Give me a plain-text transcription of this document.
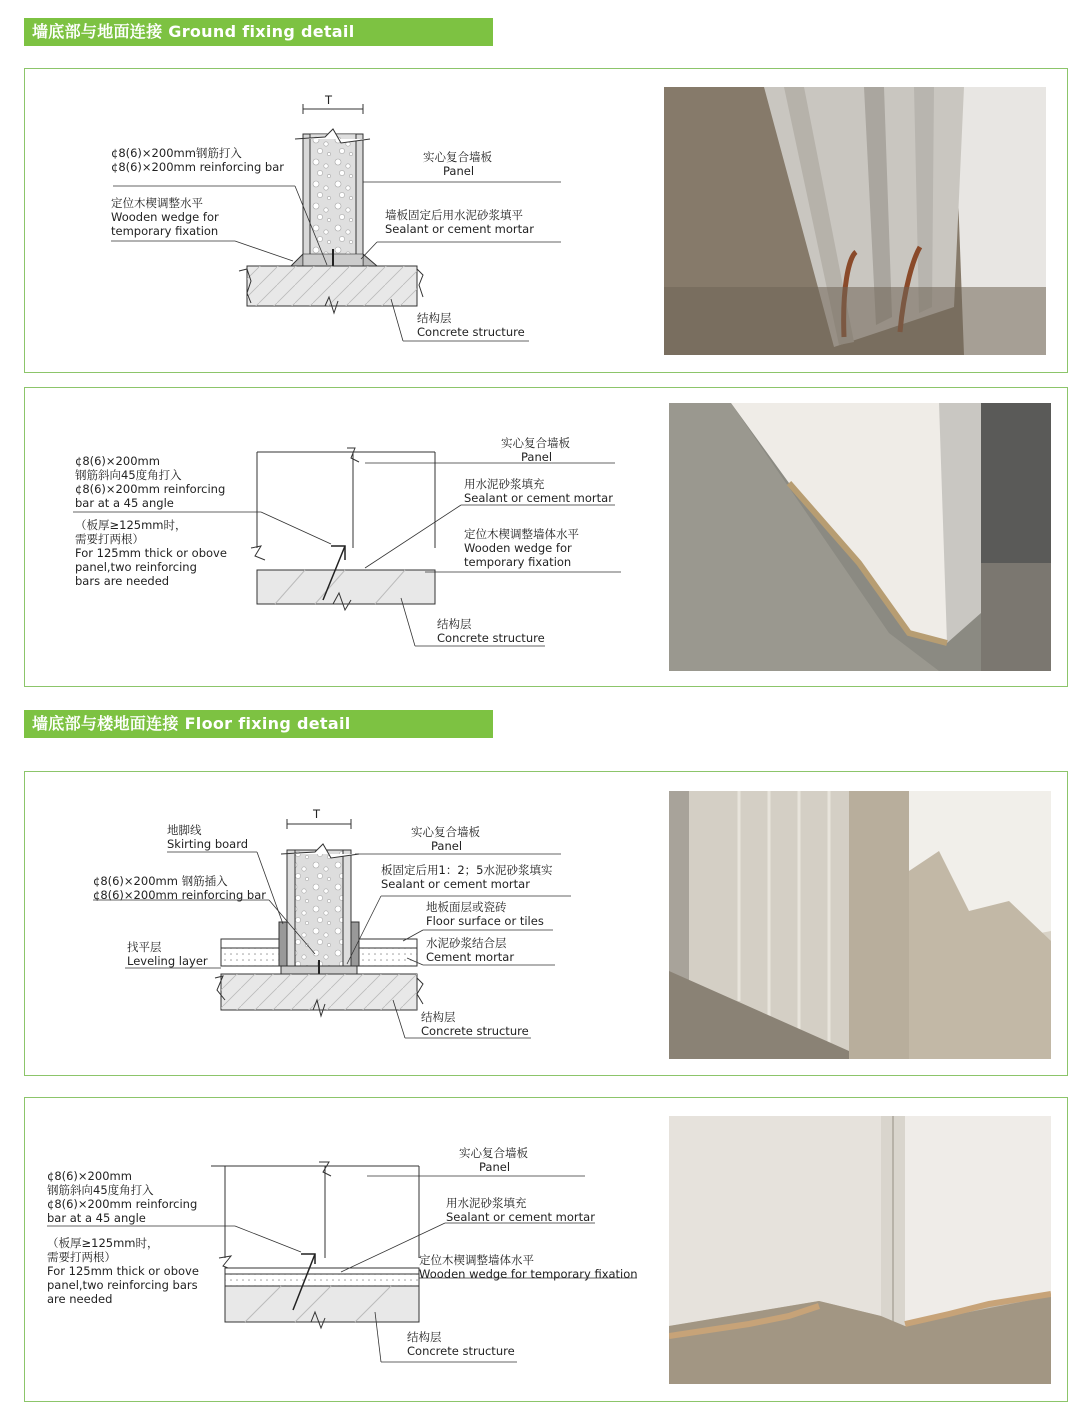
墙底部与地面连接 Ground fixing detail
T
¢8(6)×200mm钢筋打入
¢8(6)×200mm reinforcing bar
定位木楔调整水平
Wooden wedge for
temporary fixation
实心复合墙板
Panel
墙板固定后用水泥砂浆填平
Sealant or cement mortar
结构层
Concrete structure
¢8(6)×200mm
钢筋斜向45度角打入
¢8(6)×200mm reinforcing
bar at a 45 angle
（板厚≥125mm时，
需要打两根）
For 125mm thick or obove
panel,two reinforcing
bars are needed
实心复合墙板
Panel
用水泥砂浆填充
Sealant or cement mortar
定位木楔调整墙体水平
Wooden wedge for
temporary fixation
结构层
Concrete structure
墙底部与楼地面连接 Floor fixing detail
T
地脚线
Skirting board
实心复合墙板
Panel
¢8(6)×200mm 钢筋插入
¢8(6)×200mm reinforcing bar
板固定后用1：2；5水泥砂浆填实
Sealant or cement mortar
地板面层或瓷砖
Floor surface or tiles
找平层
Leveling layer
水泥砂浆结合层
Cement mortar
结构层
Concrete structure
¢8(6)×200mm
钢筋斜向45度角打入
¢8(6)×200mm reinforcing
bar at a 45 angle
（板厚≥125mm时，
需要打两根）
For 125mm thick or obove
panel,two reinforcing bars
are needed
实心复合墙板
Panel
用水泥砂浆填充
Sealant or cement mortar
定位木楔调整墙体水平
Wooden wedge for temporary fixation
结构层
Concrete structure
